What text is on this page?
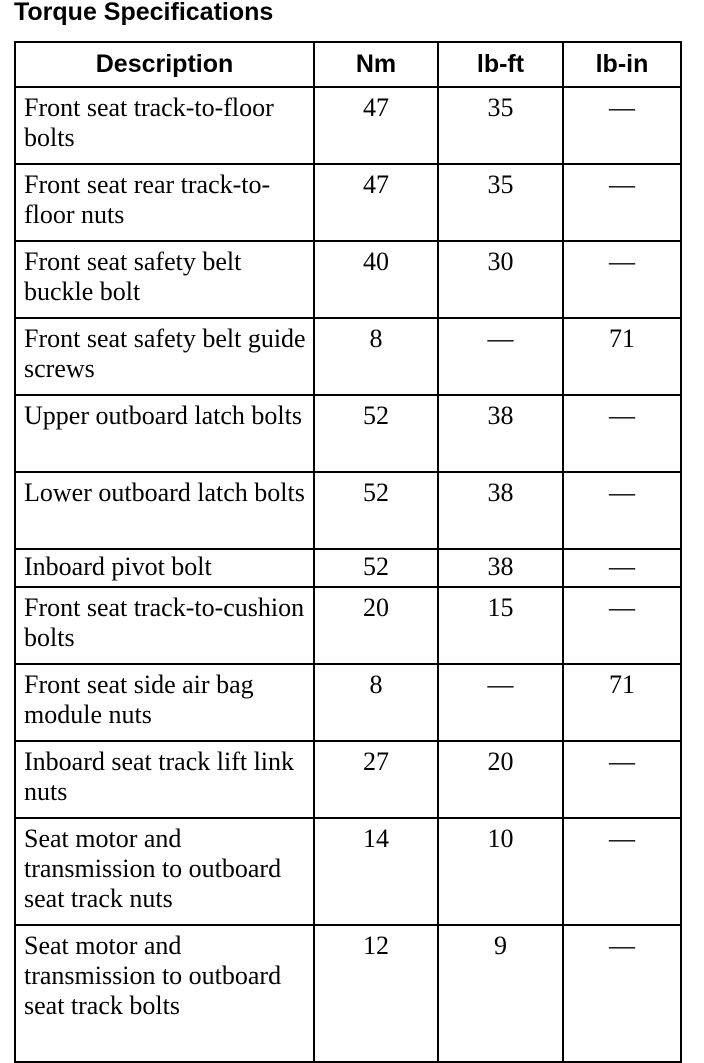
Torque Specifications
Description	Nm	lb-ft	lb-in
Front seat track-to-floor bolts	47	35	—
Front seat rear track-to-floor nuts	47	35	—
Front seat safety belt buckle bolt	40	30	—
Front seat safety belt guide screws	8	—	71
Upper outboard latch bolts	52	38	—
Lower outboard latch bolts	52	38	—
Inboard pivot bolt	52	38	—
Front seat track-to-cushion bolts	20	15	—
Front seat side air bag module nuts	8	—	71
Inboard seat track lift link nuts	27	20	—
Seat motor and transmission to outboard seat track nuts	14	10	—
Seat motor and transmission to outboard seat track bolts	12	9	—
